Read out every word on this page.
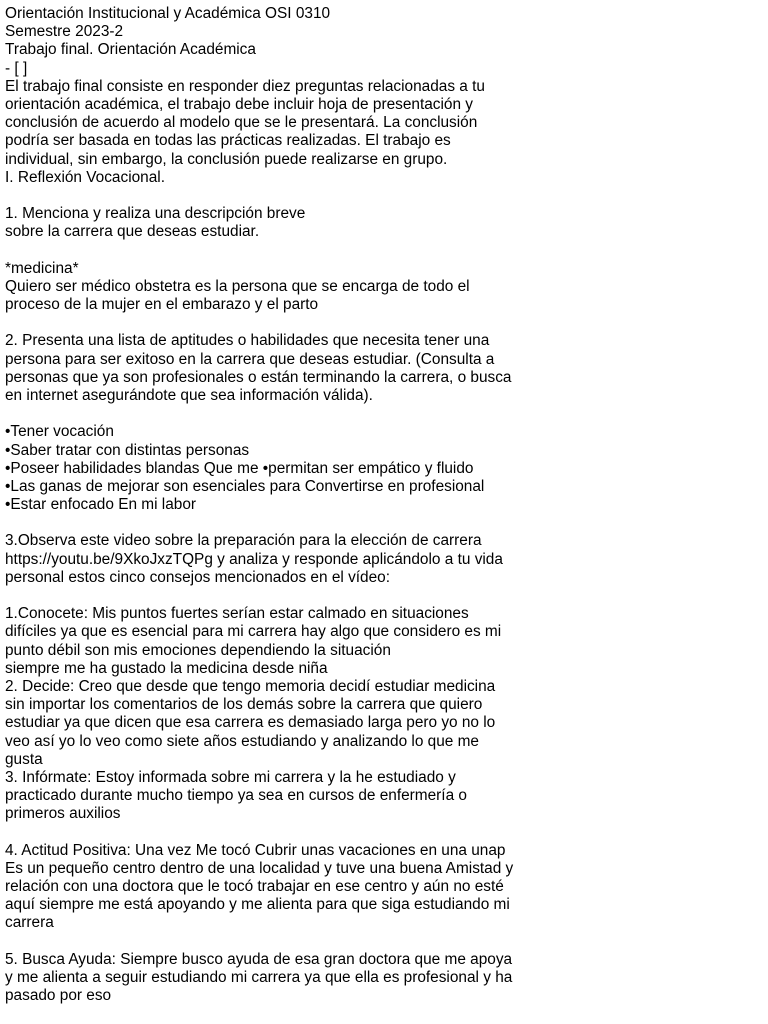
Orientación Institucional y Académica OSI 0310
Semestre 2023-2
Trabajo final. Orientación Académica
- [ ]
El trabajo final consiste en responder diez preguntas relacionadas a tu
orientación académica, el trabajo debe incluir hoja de presentación y
conclusión de acuerdo al modelo que se le presentará. La conclusión
podría ser basada en todas las prácticas realizadas. El trabajo es
individual, sin embargo, la conclusión puede realizarse en grupo.
I. Reflexión Vocacional.
1. Menciona y realiza una descripción breve
sobre la carrera que deseas estudiar.
*medicina*
Quiero ser médico obstetra es la persona que se encarga de todo el
proceso de la mujer en el embarazo y el parto
2. Presenta una lista de aptitudes o habilidades que necesita tener una
persona para ser exitoso en la carrera que deseas estudiar. (Consulta a
personas que ya son profesionales o están terminando la carrera, o busca
en internet asegurándote que sea información válida).
•Tener vocación
•Saber tratar con distintas personas
•Poseer habilidades blandas Que me •permitan ser empático y fluido
•Las ganas de mejorar son esenciales para Convertirse en profesional
•Estar enfocado En mi labor
3.Observa este video sobre la preparación para la elección de carrera
https://youtu.be/9XkoJxzTQPg y analiza y responde aplicándolo a tu vida
personal estos cinco consejos mencionados en el vídeo:
1.Conocete: Mis puntos fuertes serían estar calmado en situaciones
difíciles ya que es esencial para mi carrera hay algo que considero es mi
punto débil son mis emociones dependiendo la situación
siempre me ha gustado la medicina desde niña
2. Decide: Creo que desde que tengo memoria decidí estudiar medicina
sin importar los comentarios de los demás sobre la carrera que quiero
estudiar ya que dicen que esa carrera es demasiado larga pero yo no lo
veo así yo lo veo como siete años estudiando y analizando lo que me
gusta
3. Infórmate: Estoy informada sobre mi carrera y la he estudiado y
practicado durante mucho tiempo ya sea en cursos de enfermería o
primeros auxilios
4. Actitud Positiva: Una vez Me tocó Cubrir unas vacaciones en una unap
Es un pequeño centro dentro de una localidad y tuve una buena Amistad y
relación con una doctora que le tocó trabajar en ese centro y aún no esté
aquí siempre me está apoyando y me alienta para que siga estudiando mi
carrera
5. Busca Ayuda: Siempre busco ayuda de esa gran doctora que me apoya
y me alienta a seguir estudiando mi carrera ya que ella es profesional y ha
pasado por eso
